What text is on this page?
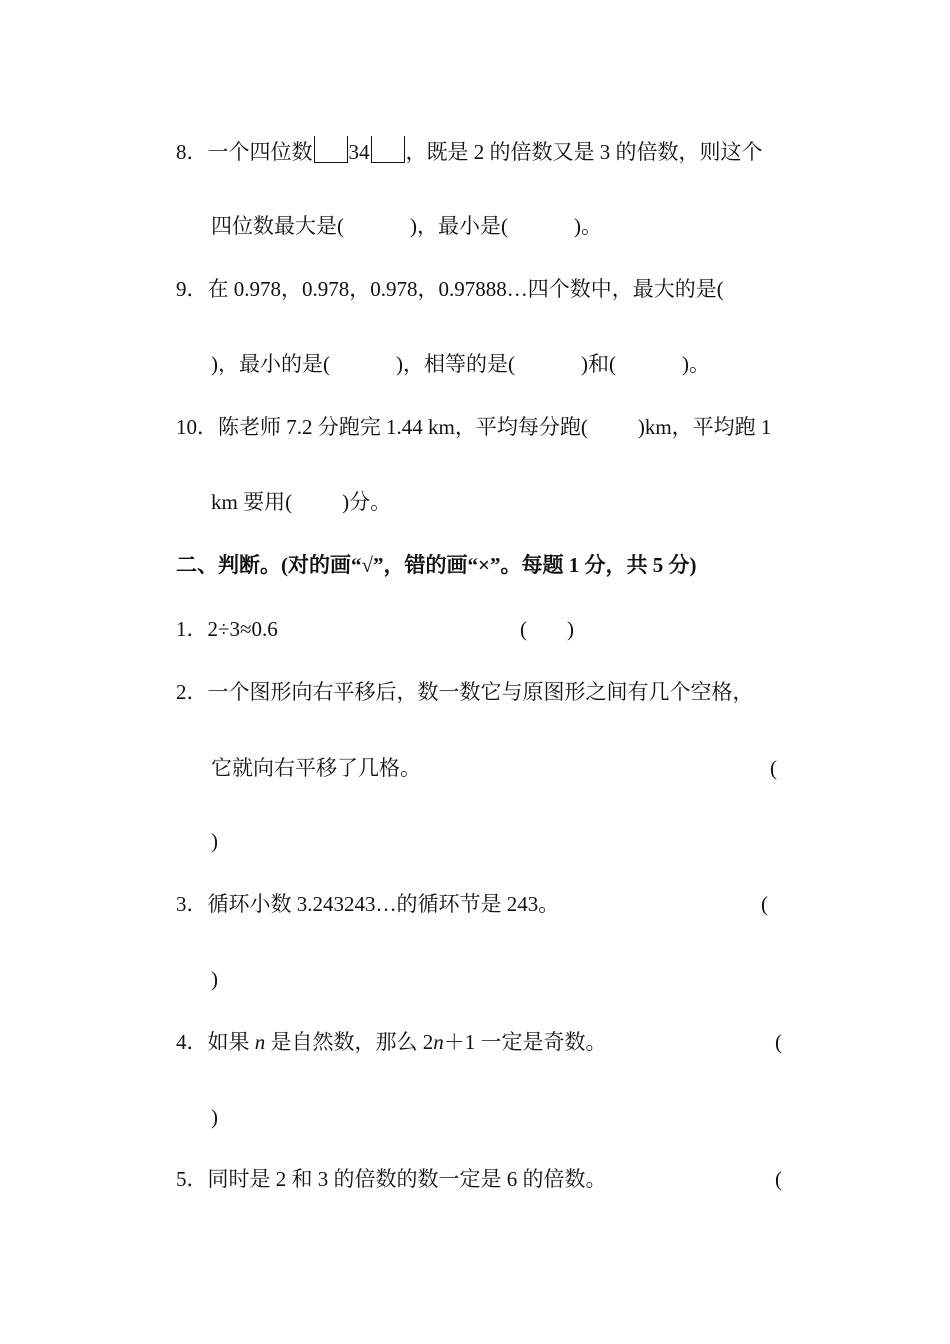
8．一个四位数 34 ，既是 2 的倍数又是 3 的倍数，则这个
四位数最大是(	)，最小是(	)。
9．在 0.978，0.978，0.978，0.97888…四个数中，最大的是(
)，最小的是(	)，相等的是(	)和(	)。
10．陈老师 7.2 分跑完 1.44 km，平均每分跑( )km，平均跑 1
km 要用( )分。
二、判断。(对的画“√”，错的画“×”。每题 1 分，共 5 分)
1．2÷3≈0.6	( )
2．一个图形向右平移后，数一数它与原图形之间有几个空格，
它就向右平移了几格。	(
)
3．循环小数 3.243243…的循环节是 243。	(
)
4．如果 n 是自然数，那么 2n＋1 一定是奇数。	(
)
5．同时是 2 和 3 的倍数的数一定是 6 的倍数。	(
